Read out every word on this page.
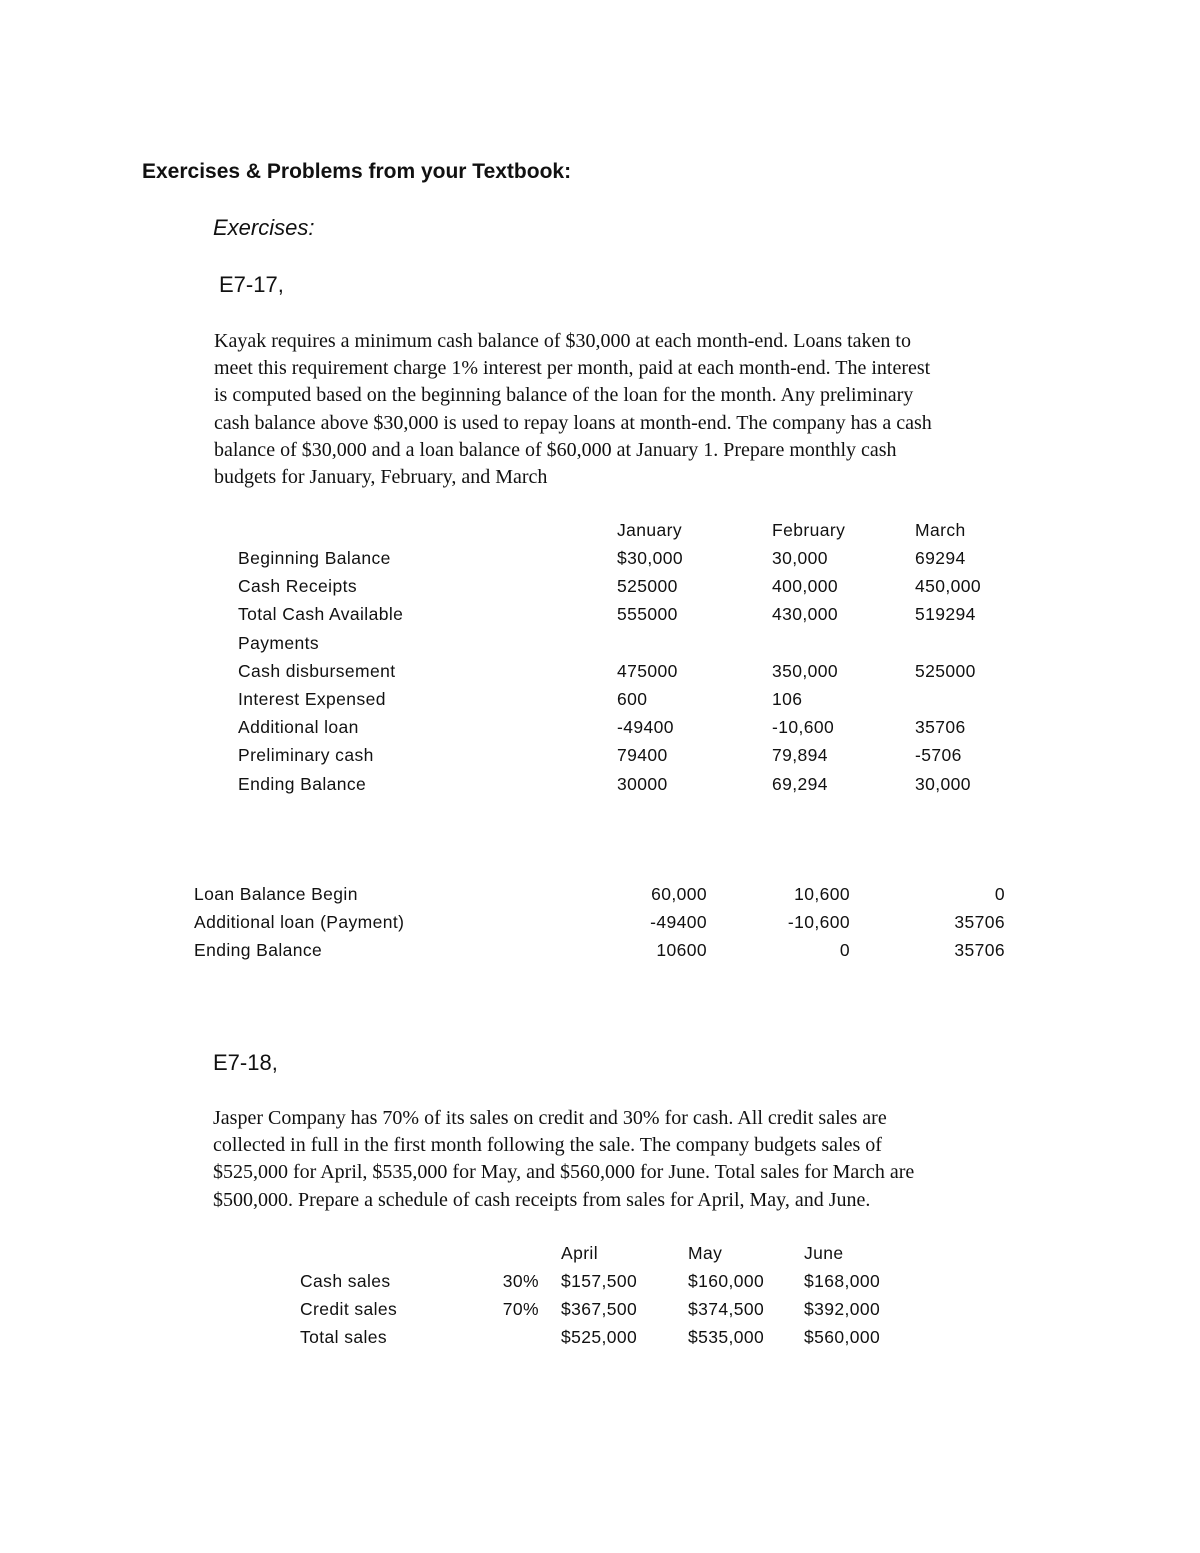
Exercises & Problems from your Textbook:
Exercises:
E7-17,
Kayak requires a minimum cash balance of $30,000 at each month-end. Loans taken to
meet this requirement charge 1% interest per month, paid at each month-end. The interest
is computed based on the beginning balance of the loan for the month. Any preliminary
cash balance above $30,000 is used to repay loans at month-end. The company has a cash
balance of $30,000 and a loan balance of $60,000 at January 1. Prepare monthly cash
budgets for January, February, and March
January	February	March
Beginning Balance	$30,000	30,000	69294
Cash Receipts	525000	400,000	450,000
Total Cash Available	555000	430,000	519294
Payments
Cash disbursement	475000	350,000	525000
Interest Expensed	600	106
Additional loan	-49400	-10,600	35706
Preliminary cash	79400	79,894	-5706
Ending Balance	30000	69,294	30,000
Loan Balance Begin	60,000	10,600	0
Additional loan (Payment)	-49400	-10,600	35706
Ending Balance	10600	0	35706
E7-18,
Jasper Company has 70% of its sales on credit and 30% for cash. All credit sales are
collected in full in the first month following the sale. The company budgets sales of
$525,000 for April, $535,000 for May, and $560,000 for June. Total sales for March are
$500,000. Prepare a schedule of cash receipts from sales for April, May, and June.
April	May	June
Cash sales	30% $157,500	$160,000 $168,000
Credit sales	70% $367,500	$374,500 $392,000
Total sales	$525,000	$535,000 $560,000
